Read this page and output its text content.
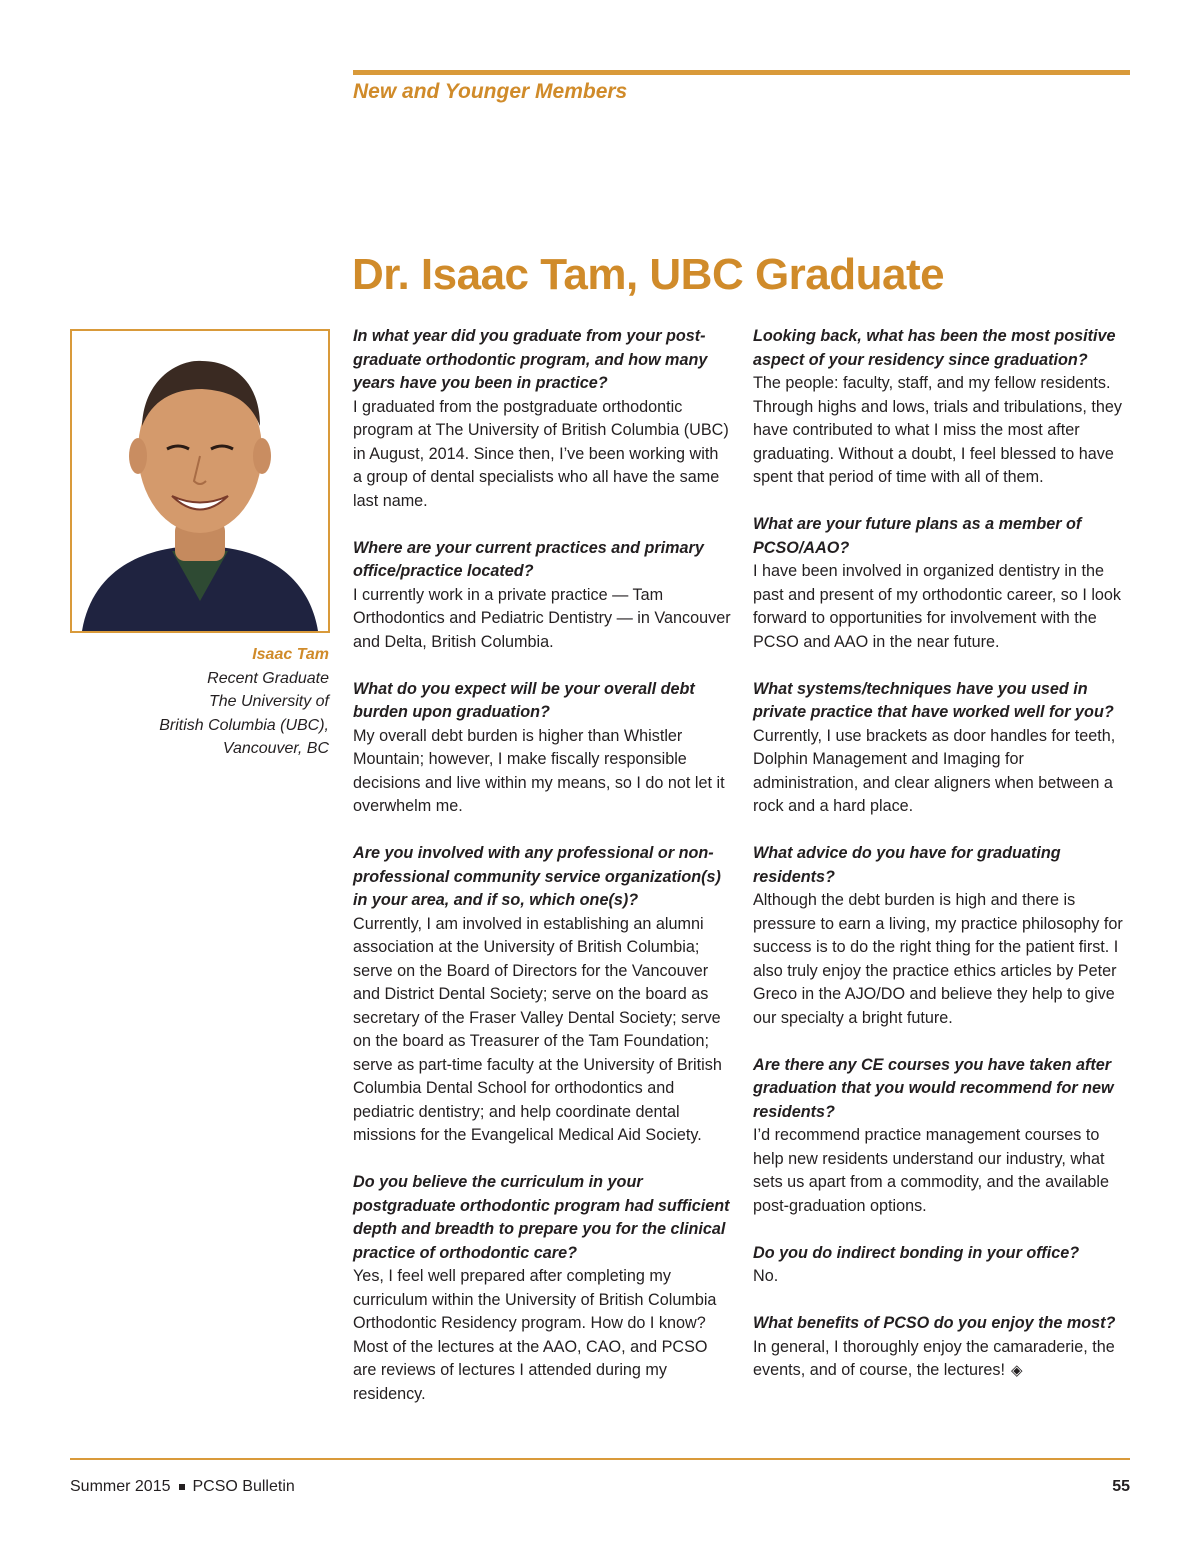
New and Younger Members
Dr. Isaac Tam, UBC Graduate
Isaac Tam
Recent Graduate
The University of
British Columbia (UBC),
Vancouver, BC
In what year did you graduate from your post-graduate orthodontic program, and how many years have you been in practice?
I graduated from the postgraduate orthodontic program at The University of British Columbia (UBC) in August, 2014. Since then, I’ve been working with a group of dental specialists who all have the same last name.
Where are your current practices and primary office/practice located?
I currently work in a private practice — Tam Orthodontics and Pediatric Dentistry — in Vancouver and Delta, British Columbia.
What do you expect will be your overall debt burden upon graduation?
My overall debt burden is higher than Whistler Mountain; however, I make fiscally responsible decisions and live within my means, so I do not let it overwhelm me.
Are you involved with any professional or non-professional community service organization(s) in your area, and if so, which one(s)?
Currently, I am involved in establishing an alumni association at the University of British Columbia; serve on the Board of Directors for the Vancouver and District Dental Society; serve on the board as secretary of the Fraser Valley Dental Society; serve on the board as Treasurer of the Tam Foundation; serve as part-time faculty at the University of British Columbia Dental School for orthodontics and pediatric dentistry; and help coordinate dental missions for the Evangelical Medical Aid Society.
Do you believe the curriculum in your postgraduate orthodontic program had sufficient depth and breadth to prepare you for the clinical practice of orthodontic care?
Yes, I feel well prepared after completing my curriculum within the University of British Columbia Orthodontic Residency program. How do I know? Most of the lectures at the AAO, CAO, and PCSO are reviews of lectures I attended during my residency.
Looking back, what has been the most positive aspect of your residency since graduation?
The people: faculty, staff, and my fellow residents. Through highs and lows, trials and tribulations, they have contributed to what I miss the most after graduating. Without a doubt, I feel blessed to have spent that period of time with all of them.
What are your future plans as a member of PCSO/AAO?
I have been involved in organized dentistry in the past and present of my orthodontic career, so I look forward to opportunities for involvement with the PCSO and AAO in the near future.
What systems/techniques have you used in private practice that have worked well for you?
Currently, I use brackets as door handles for teeth, Dolphin Management and Imaging for administration, and clear aligners when between a rock and a hard place.
What advice do you have for graduating residents?
Although the debt burden is high and there is pressure to earn a living, my practice philosophy for success is to do the right thing for the patient first. I also truly enjoy the practice ethics articles by Peter Greco in the AJO/DO and believe they help to give our specialty a bright future.
Are there any CE courses you have taken after graduation that you would recommend for new residents?
I’d recommend practice management courses to help new residents understand our industry, what sets us apart from a commodity, and the available post-graduation options.
Do you do indirect bonding in your office?
No.
What benefits of PCSO do you enjoy the most?
In general, I thoroughly enjoy the camaraderie, the events, and of course, the lectures! ◈
Summer 2015 PCSO Bulletin	55
